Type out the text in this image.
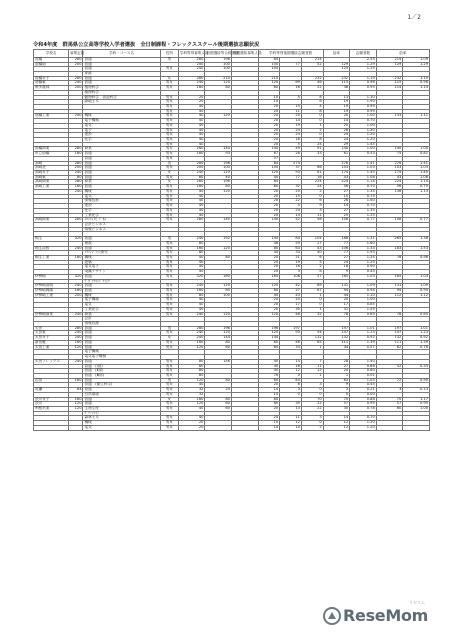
1／2
令和4年度　群馬県公立高等学校入学者選抜　全日制課程・フレックススクール後期選抜志願状況
学校名	募集定員	学科・コース名	性別	学科等別募集人員	前期選抜等合格者数	後期選抜募集人員	学科等別後期選抜志願者数			倍率	志願者数	倍率	
前橋	280	普通	男	280	196		84		214		2.55	214	1.09
前橋南	200	普通		200	100		100	77	52	129	1.29	129	1.29
		普通	男女	200	100		100			125	1.25		
		家政											
前橋女子	280	普通	女	280	210		210		232	232	1.10	232	1.10
前橋東	240	普通	男女	240	120		120	69	46	115	0.96	115	0.96
勢多農林	200	植物科学	男女	160	80		80	16	22	38	0.95	114	1.14
		植物科学											
		動物科学　食品科学	男女	20			10	5	8	13	1.30		
		緑地土木	男女	20			10		6	19	1.90		
			男女	40			20	15	4	19	0.95		
			男女	40			20	11	8	19	0.95		
前橋工業	240	機械	男女	40	120		20	20	0	20	1.00	133	1.11
		電子機械	男女	40			20	14	0	14	0.70		
		電気	男女	40			20	19	1	20	1.00		
		電子	男女	40			20	24	2	26	1.30		
		建設	男女	40			20	24	0	24	1.20		
		化学	男女	40			20	16	8	24	1.20		
			男女	40			20	5	24	29	1.45		
前橋商業	280	商業	男女	280	140		140	49	91	140	1.00	140	1.00
市立前橋	160	普通	男女	160	93		67	28	33	61	0.53	75	0.81
		普通	男女				57						
高崎	280	普通	男	280	196		84	274		276	1.41	276	1.41
高崎北	200	普通	男女	200	100		100	37	66	103	1.03	103	1.03
高崎女子	240	普通	女	240	120		120	93	81	174	1.45	174	1.45
高崎東	80	普通	男女	80	40		40	77	16	43	1.08	43	1.08
高崎商業	280	商業	女	280	196		84		224	224	1.14	224	1.14
高崎工業	160	普通	男女	160	80		80	32	24	56	0.70	56	0.70
	240	機械	男女	40	120		20	20	2	27	1.35	136	1.13
		電気	男女	40			20	15	0	15	0.75		
		情報技術	男女	40			20	22	6	28	1.40		
		建設	男女	40			20	5	9	14	0.70		
		化学	男女	40			20	24	3	27	1.35		
		工業化学	男女	40			20	14	11	25	1.25		
高崎商業	280	ﾌﾛﾝﾃｨｱﾋﾞｼﾞﾈｽ	男女	280	140		140	52	56	108	0.77	108	0.77
		会計ビジネス											
		情報ビジネス											

桐生	320	普通	男	240	192		144	84	104	188	1.31	265	1.38
		理数	男女	80			48	50	27	77	1.60		
桐生清桜	240	普通	男女	160	120		80	63	43	106	1.33	183	1.53
		ｱｸﾃｨﾌﾞﾗｲﾌ探究	男女	80			40	33	40	77	1.93		
桐生工業	160	機械	男女	40	80		20	21	6	27	1.35	78	0.98
		建築	男女	40			20	19	5	24	1.20		
		電気電子	男女	40			20	16	2	18	0.90		
		染織デザイン	男女	40			20	3	6	9	0.45		
伊勢崎	320	普通	男女	320	160		160	108	57	165	1.03	165	1.03
		ﾃﾞﾀﾞｲﾁｴﾝｼﾞﾅｲﾝｸﾞ											
伊勢崎清明	240	普通	男女	240	120		120	42	89	131	1.09	131	1.09
伊勢崎興陽	160	普通	男女	160	80		80	27	67	94	0.94	94	0.94
伊勢崎工業	200	機械	男女	80	100		40	43	1	44	1.10	112	1.12
		電子機械	男女	40			20	20	0	20	1.00		
		電気	男女	40			20	17	0	17	0.85		
		工業化学	男女	40			20	30	1	31	1.55		
伊勢崎商業	240	商業	男女	240	120		120	46	32	78	0.65	78	0.65
		会計											
		情報処理											
太田	280	普通	男	280	196		196	197		197	1.01	197	1.01
太田東	240	普通	男女	240	120		120	93	54	147	1.23	147	1.23
太田女子	240	普通	女	240	144		144		132	132	0.92	132	0.92
新田暁	160	普通	男女	160	80		80	46	65	111	1.39	111	1.39
太田工業	120	普通	男女	120	60		60	33	1	34	0.57	62	0.78
		電子機械											
		電気電子機械											
太田フレックス	240	普通	男女	80	156		40	14	7	28	1.40		
		普通　(Ⅰ部)	男女	80			40	16	11	27	0.68	52	0.33
		普通　(Ⅱ部)	男女	80			40	12	12	24	0.60		
		普通　(Ⅲ部)	男女	80			76	0	1	1	0.01		
沼田	160	普通	男	120	80		60	63		63	1.05	72	0.90
		普通　(衛生科学)	男女	40			20	6	3	9	0.45		
尾瀬	64	普通	男女	32	24		14	3	0	3	0.21	3	0.13
		自然環境	男女	32			10	0	0	0	0.00		
渋川女子	160	普通	女	160	80		80		70	70	0.88	70	1.17
渋川	120	普通	男女	120	60		60	35	22	57	0.95	57	0.95
利根実業	120	生物生産	男女	40	60		20	13	22	35	0.78	60	1.00
		ｸﾞﾘｰﾝﾗｲﾌ											
		森林土木	男女	40			20	11	3	14	0.70		
		機械	男女	20			10	12	0	12	1.20		
		電気	男女	20			10	10	2	12	1.20		
ReseMom
リセマム
